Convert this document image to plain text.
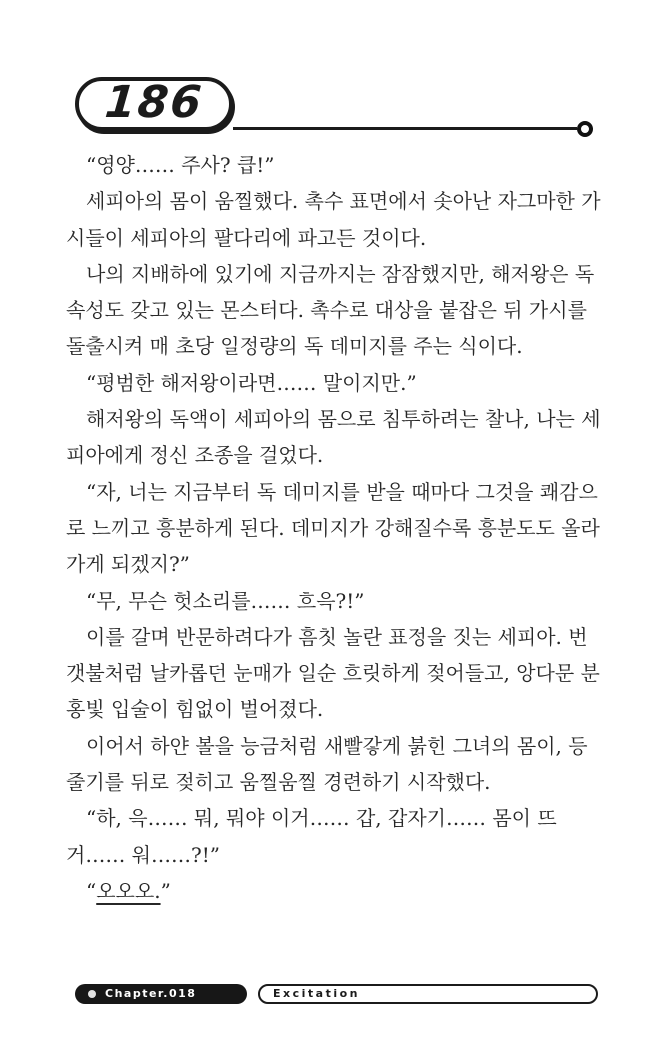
186

“영양…… 주사? 큽!”

세피아의 몸이 움찔했다. 촉수 표면에서 솟아난 자그마한 가시들이 세피아의 팔다리에 파고든 것이다.

나의 지배하에 있기에 지금까지는 잠잠했지만, 해저왕은 독 속성도 갖고 있는 몬스터다. 촉수로 대상을 붙잡은 뒤 가시를 돌출시켜 매 초당 일정량의 독 데미지를 주는 식이다.

“평범한 해저왕이라면…… 말이지만.”

해저왕의 독액이 세피아의 몸으로 침투하려는 찰나, 나는 세피아에게 정신 조종을 걸었다.

“자, 너는 지금부터 독 데미지를 받을 때마다 그것을 쾌감으로 느끼고 흥분하게 된다. 데미지가 강해질수록 흥분도도 올라가게 되겠지?”

“무, 무슨 헛소리를…… 흐윽?!”

이를 갈며 반문하려다가 흠칫 놀란 표정을 짓는 세피아. 번갯불처럼 날카롭던 눈매가 일순 흐릿하게 젖어들고, 앙다문 분홍빛 입술이 힘없이 벌어졌다.

이어서 하얀 볼을 능금처럼 새빨갛게 붉힌 그녀의 몸이, 등줄기를 뒤로 젖히고 움찔움찔 경련하기 시작했다.

“하, 윽…… 뭐, 뭐야 이거…… 갑, 갑자기…… 몸이 뜨거…… 워……?!”

“오오오.”

Chapter.018	Excitation
